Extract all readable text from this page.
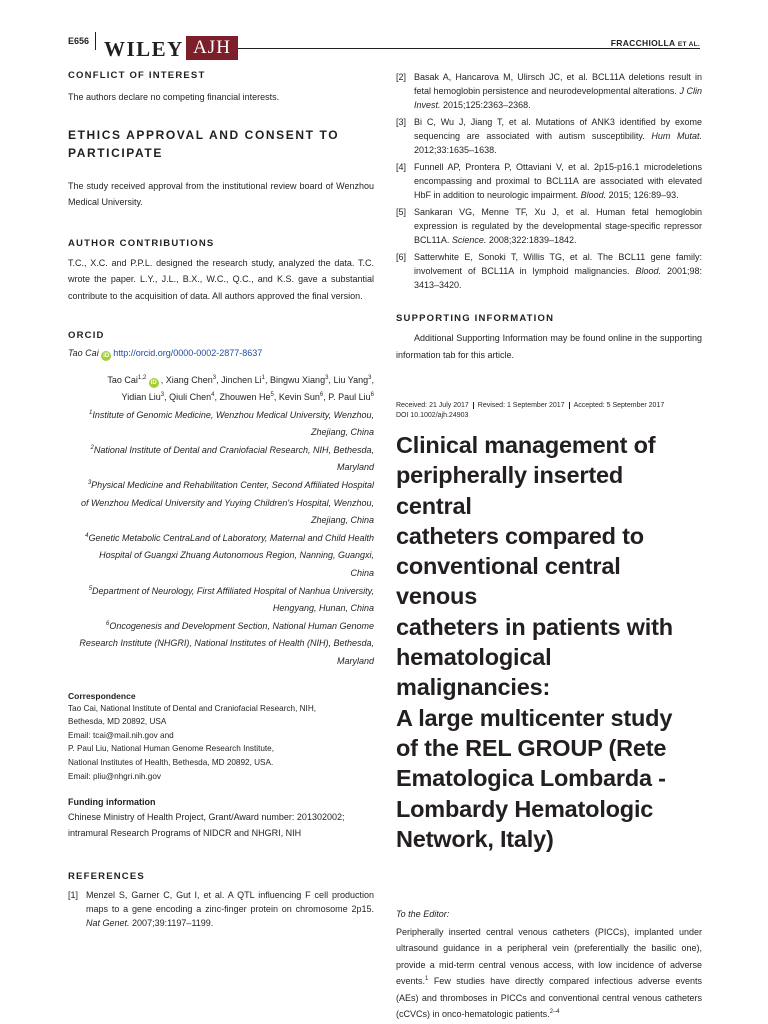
E656 WILEY AJH	FRACCHIOLLA ET AL.

CONFLICT OF INTEREST

The authors declare no competing financial interests.

ETHICS APPROVAL AND CONSENT TO PARTICIPATE

The study received approval from the institutional review board of Wenzhou Medical University.

AUTHOR CONTRIBUTIONS

T.C., X.C. and P.P.L. designed the research study, analyzed the data. T.C. wrote the paper. L.Y., J.L., B.X., W.C., Q.C., and K.S. gave a substantial contribute to the acquisition of data. All authors approved the final version.

ORCID

Tao Cai iD http://orcid.org/0000-0002-2877-8637

Tao Cai$^{1,2}$ iD , Xiang Chen$^3$, Jinchen Li$^1$, Bingwu Xiang$^3$, Liu Yang$^3$,
Yidian Liu$^3$, Qiuli Chen$^4$, Zhouwen He$^5$, Kevin Sun$^6$, P. Paul Liu$^6$
$^1$Institute of Genomic Medicine, Wenzhou Medical University, Wenzhou,
Zhejiang, China
$^2$National Institute of Dental and Craniofacial Research, NIH, Bethesda,
Maryland
$^3$Physical Medicine and Rehabilitation Center, Second Affiliated Hospital
of Wenzhou Medical University and Yuying Children's Hospital, Wenzhou,
Zhejiang, China
$^4$Genetic Metabolic CentraLand of Laboratory, Maternal and Child Health
Hospital of Guangxi Zhuang Autonomous Region, Nanning, Guangxi,
China
$^5$Department of Neurology, First Affiliated Hospital of Nanhua University,
Hengyang, Hunan, China
$^6$Oncogenesis and Development Section, National Human Genome
Research Institute (NHGRI), National Institutes of Health (NIH), Bethesda,
Maryland

Correspondence

Tao Cai, National Institute of Dental and Craniofacial Research, NIH,

Bethesda, MD 20892, USA

Email: tcai@mail.nih.gov and

P. Paul Liu, National Human Genome Research Institute,

National Institutes of Health, Bethesda, MD 20892, USA.

Email: pliu@nhgri.nih.gov

Funding information

Chinese Ministry of Health Project, Grant/Award number: 201302002;

intramural Research Programs of NIDCR and NHGRI, NIH

REFERENCES

[1] Menzel S, Garner C, Gut I, et al. A QTL influencing F cell production maps to a gene encoding a zinc-finger protein on chromosome 2p15. Nat Genet. 2007;39:1197–1199.
[2] Basak A, Hancarova M, Ulirsch JC, et al. BCL11A deletions result in fetal hemoglobin persistence and neurodevelopmental alterations. J Clin Invest. 2015;125:2363–2368.
[3] Bi C, Wu J, Jiang T, et al. Mutations of ANK3 identified by exome sequencing are associated with autism susceptibility. Hum Mutat. 2012;33:1635–1638.
[4] Funnell AP, Prontera P, Ottaviani V, et al. 2p15-p16.1 microdeletions encompassing and proximal to BCL11A are associated with elevated HbF in addition to neurologic impairment. Blood. 2015; 126:89–93.
[5] Sankaran VG, Menne TF, Xu J, et al. Human fetal hemoglobin expression is regulated by the developmental stage-specific repressor BCL11A. Science. 2008;322:1839–1842.
[6] Satterwhite E, Sonoki T, Willis TG, et al. The BCL11 gene family: involvement of BCL11A in lymphoid malignancies. Blood. 2001;98: 3413–3420.

SUPPORTING INFORMATION

Additional Supporting Information may be found online in the supporting information tab for this article.

Received: 21 July 2017 Revised: 1 September 2017 Accepted: 5 September 2017
DOI 10.1002/ajh.24903

Clinical management of

peripherally inserted central

catheters compared to

conventional central venous

catheters in patients with

hematological malignancies:

A large multicenter study

of the REL GROUP (Rete

Ematologica Lombarda -

Lombardy Hematologic

Network, Italy)

To the Editor:

Peripherally inserted central venous catheters (PICCs), implanted under ultrasound guidance in a peripheral vein (preferentially the basilic one), provide a mid-term central venous access, with low incidence of adverse events.$^1$ Few studies have directly compared infectious adverse events (AEs) and thromboses in PICCs and conventional central venous catheters (cCVCs) in onco-hematologic patients.$^{2-4}$
